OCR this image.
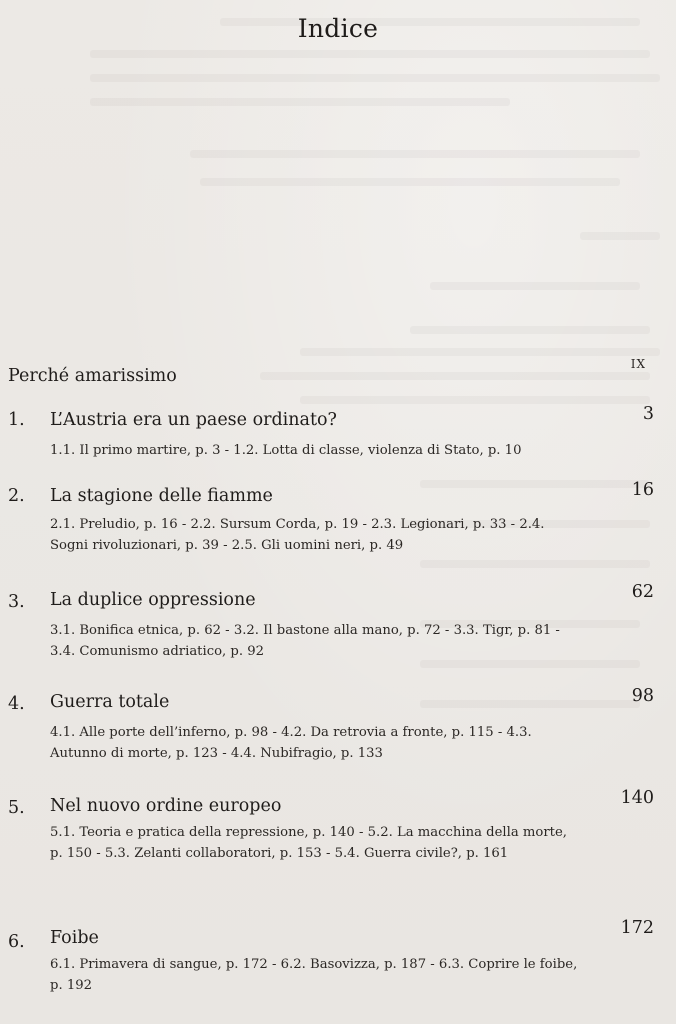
Indice
Perché amarissimo
IX
1. L’Austria era un paese ordinato?	3
1.1. Il primo martire, p. 3 - 1.2. Lotta di classe, violenza di Stato, p. 10
2. La stagione delle fiamme	16
2.1. Preludio, p. 16 - 2.2. Sursum Corda, p. 19 - 2.3. Legionari, p. 33 - 2.4. Sogni rivoluzionari, p. 39 - 2.5. Gli uomini neri, p. 49
3. La duplice oppressione	62
3.1. Bonifica etnica, p. 62 - 3.2. Il bastone alla mano, p. 72 - 3.3. Tigr, p. 81 - 3.4. Comunismo adriatico, p. 92
4. Guerra totale	98
4.1. Alle porte dell’inferno, p. 98 - 4.2. Da retrovia a fronte, p. 115 - 4.3. Autunno di morte, p. 123 - 4.4. Nubifragio, p. 133
5. Nel nuovo ordine europeo	140
5.1. Teoria e pratica della repressione, p. 140 - 5.2. La macchina della morte, p. 150 - 5.3. Zelanti collaboratori, p. 153 - 5.4. Guerra civile?, p. 161
6. Foibe	172
6.1. Primavera di sangue, p. 172 - 6.2. Basovizza, p. 187 - 6.3. Coprire le foibe, p. 192
